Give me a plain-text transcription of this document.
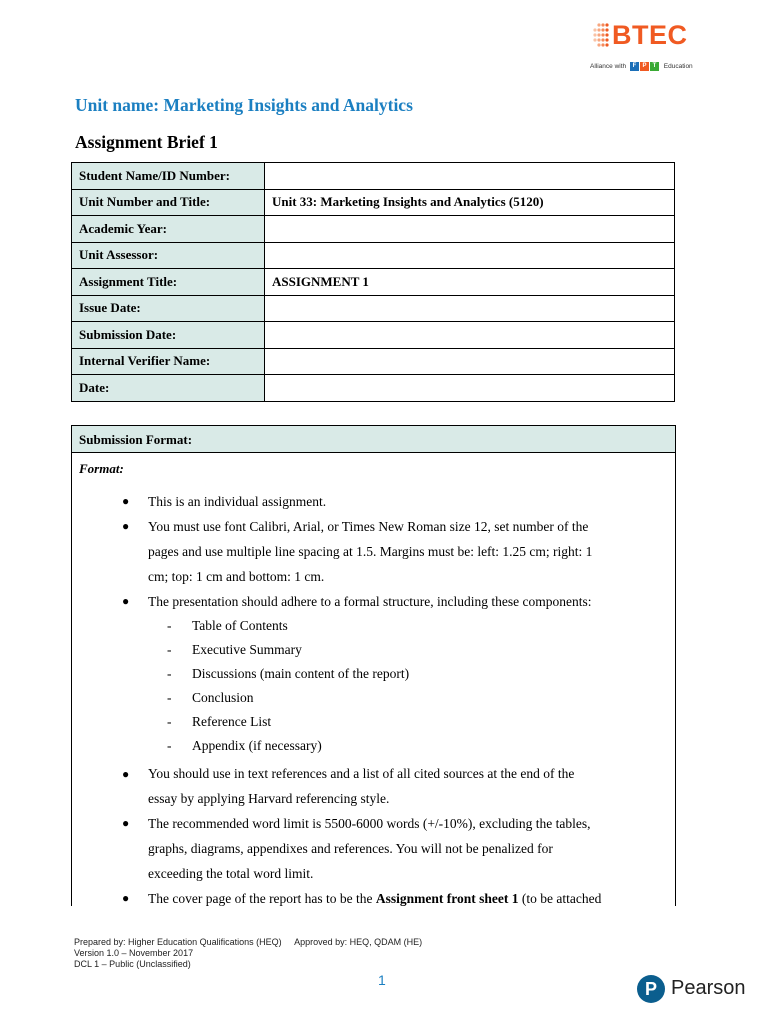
BTEC
Alliance with F P T Education
Unit name: Marketing Insights and Analytics
Assignment Brief 1
Student Name/ID Number:	
Unit Number and Title:	Unit 33: Marketing Insights and Analytics (5120)
Academic Year:	
Unit Assessor:	
Assignment Title:	ASSIGNMENT 1
Issue Date:	
Submission Date:	
Internal Verifier Name:	
Date:	
Submission Format:
Format:
● This is an individual assignment.
● You must use font Calibri, Arial, or Times New Roman size 12, set number of the
pages and use multiple line spacing at 1.5. Margins must be: left: 1.25 cm; right: 1
cm; top: 1 cm and bottom: 1 cm.
● The presentation should adhere to a formal structure, including these components:
- Table of Contents
- Executive Summary
- Discussions (main content of the report)
- Conclusion
- Reference List
- Appendix (if necessary)
● You should use in text references and a list of all cited sources at the end of the
essay by applying Harvard referencing style.
● The recommended word limit is 5500-6000 words (+/-10%), excluding the tables,
graphs, diagrams, appendixes and references. You will not be penalized for
exceeding the total word limit.
● The cover page of the report has to be the Assignment front sheet 1 (to be attached
Prepared by: Higher Education Qualifications (HEQ) Approved by: HEQ, QDAM (HE)
Version 1.0 – November 2017
DCL 1 – Public (Unclassified)
1	P Pearson
